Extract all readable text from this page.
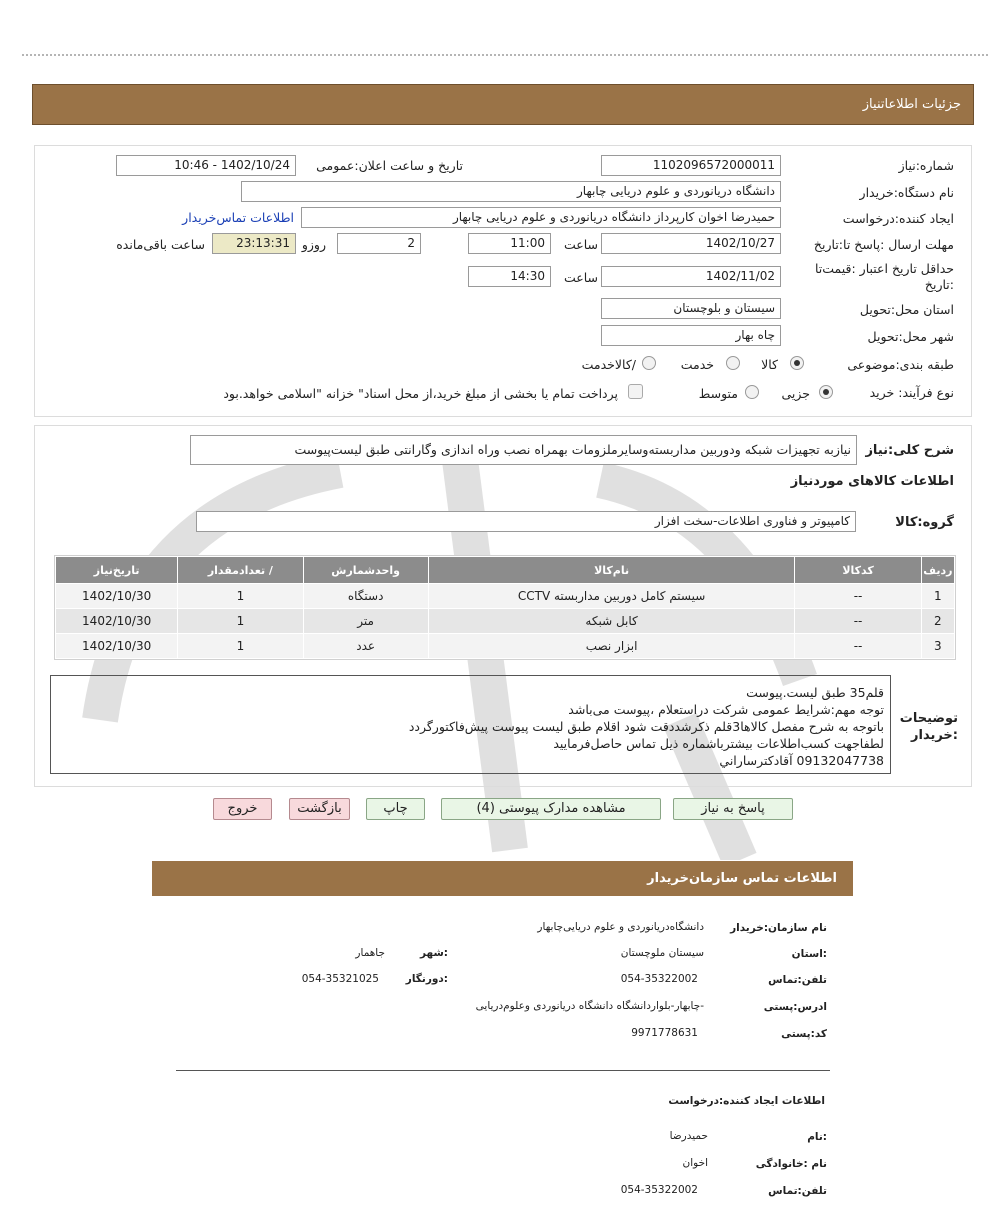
جزئیات اطلاعاتنیاز
شماره:نیاز
1102096572000011
تاریخ و ساعت اعلان:عمومی
1402/10/24 - 10:46
نام دستگاه:خریدار
دانشگاه دریانوردی و علوم دریایی چابهار
ایجاد کننده:درخواست
حمیدرضا اخوان کارپرداز دانشگاه دریانوردی و علوم دریایی چابهار
اطلاعات تماس‌خریدار
مهلت ارسال :پاسخ تا:تاریخ
1402/10/27
ساعت
11:00
2
روزو
23:13:31
ساعت باقی‌مانده
حداقل تاریخ اعتبار :قیمت‌تا :تاریخ
1402/11/02
ساعت
14:30
استان محل:تحویل
سیستان و بلوچستان
شهر محل:تحویل
چاه بهار
طبقه بندی:موضوعی
کالا
خدمت
/کالاخدمت
نوع فرآیند: خرید
جزیی
متوسط
پرداخت تمام یا بخشی از مبلغ خرید،از محل اسناد" خزانه "اسلامی خواهد.بود
شرح کلی:نیاز
نیازبه تجهیزات شبکه ودوربین مداربسته‌وسایرملزومات بهمراه نصب وراه اندازی وگارانتی طبق لیست‌پیوست
اطلاعات کالاهای موردنیاز
گروه:کالا
کامپیوتر و فناوری اطلاعات-سخت افزار
ردیف	کدکالا	نام‌کالا	واحدشمارش	/ تعدادمقدار	تاریخ‌نیاز
1	--	سیستم کامل دوربین مداربسته CCTV	دستگاه	1	1402/10/30
2	--	کابل شبکه	متر	1	1402/10/30
3	--	ابزار نصب	عدد	1	1402/10/30
توضیحات :خریدار
قلم35 طبق لیست.پیوست
توجه مهم:شرایط عمومی شرکت دراستعلام ،پیوست می‌باشد
باتوجه به شرح مفصل کالاها3قلم ذکرشددقت شود اقلام طبق لیست پیوست پیش‌فاکتورگردد
لطفاجهت کسب‌اطلاعات بیشترباشماره ذیل تماس حاصل‌فرمایید
09132047738 آقادکترساراني
پاسخ به نیاز
مشاهده مدارک پیوستی (4)
چاپ
بازگشت
خروج
اطلاعات تماس سازمان‌خریدار
نام سازمان:خریدار
دانشگاه‌دریانوردی و علوم دریایی‌چابهار
:استان
سیستان ملوچستان
:شهر
جاهمار
تلفن:تماس
054-35322002
:دورنگار
054-35321025
ادرس:پستی
-چابهار-بلواردانشگاه دانشگاه دریانوردی وعلوم‌دریایی
کد:پستی
9971778631
اطلاعات ایجاد کننده:درخواست
:نام
حمیدرضا
نام :خانوادگی
اخوان
تلفن:تماس
054-35322002
